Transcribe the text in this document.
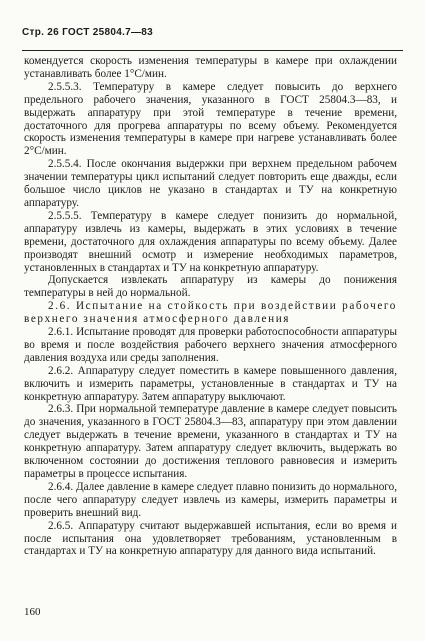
Стр. 26 ГОСТ 25804.7—83

комендуется скорость изменения температуры в камере при охлаждении устанавливать более 1°С/мин.

2.5.5.3. Температуру в камере следует повысить до верхнего предельного рабочего значения, указанного в ГОСТ 25804.3—83, и выдержать аппаратуру при этой температуре в течение времени, достаточного для прогрева аппаратуры по всему объему. Рекомендуется скорость изменения температуры в камере при нагреве устанавливать более 2°С/мин.

2.5.5.4. После окончания выдержки при верхнем предельном рабочем значении температуры цикл испытаний следует повторить еще дважды, если большое число циклов не указано в стандартах и ТУ на конкретную аппаратуру.

2.5.5.5. Температуру в камере следует понизить до нормальной, аппаратуру извлечь из камеры, выдержать в этих условиях в течение времени, достаточного для охлаждения аппаратуры по всему объему. Далее производят внешний осмотр и измерение необходимых параметров, установленных в стандартах и ТУ на конкретную аппаратуру.

Допускается извлекать аппаратуру из камеры до понижения температуры в ней до нормальной.

2.6. Испытание на стойкость при воздействии рабочего верхнего значения атмосферного давления

2.6.1. Испытание проводят для проверки работоспособности аппаратуры во время и после воздействия рабочего верхнего значения атмосферного давления воздуха или среды заполнения.

2.6.2. Аппаратуру следует поместить в камере повышенного давления, включить и измерить параметры, установленные в стандартах и ТУ на конкретную аппаратуру. Затем аппаратуру выключают.

2.6.3. При нормальной температуре давление в камере следует повысить до значения, указанного в ГОСТ 25804.3—83, аппаратуру при этом давлении следует выдержать в течение времени, указанного в стандартах и ТУ на конкретную аппаратуру. Затем аппаратуру следует включить, выдержать во включенном состоянии до достижения теплового равновесия и измерить параметры в процессе испытания.

2.6.4. Далее давление в камере следует плавно понизить до нормального, после чего аппаратуру следует извлечь из камеры, измерить параметры и проверить внешний вид.

2.6.5. Аппаратуру считают выдержавшей испытания, если во время и после испытания она удовлетворяет требованиям, установленным в стандартах и ТУ на конкретную аппаратуру для данного вида испытаний.

160
